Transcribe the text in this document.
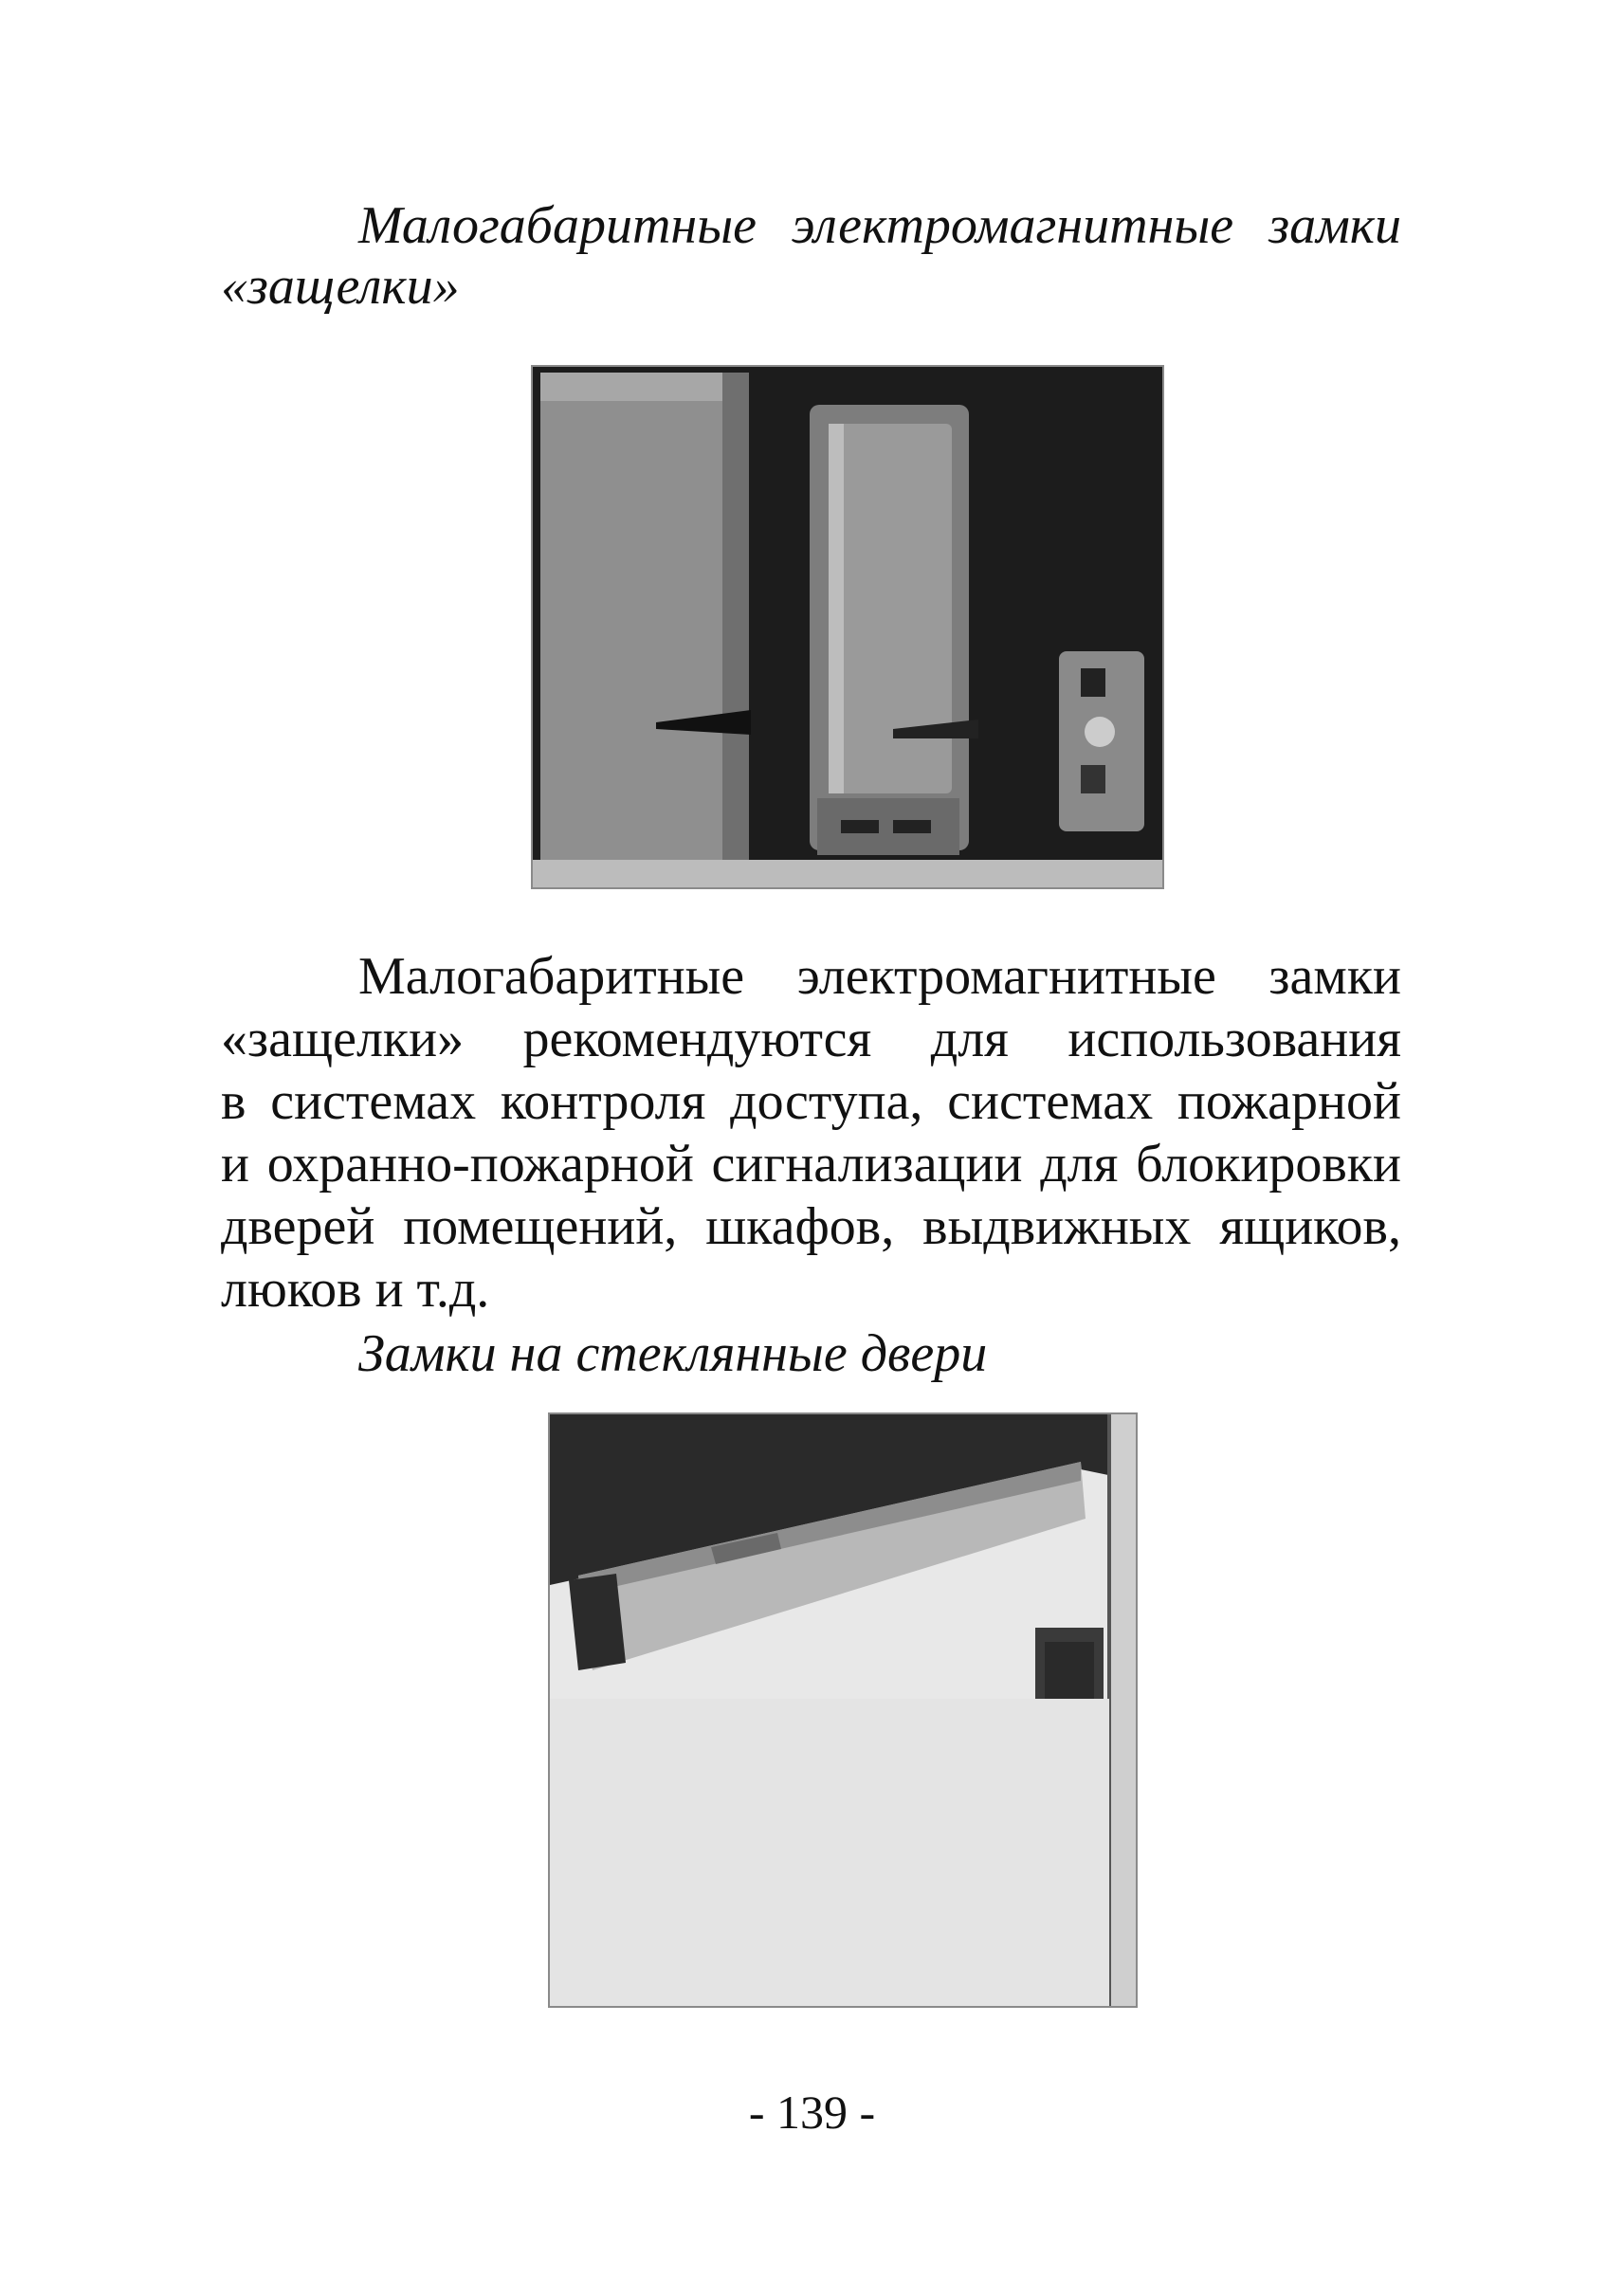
Малогабаритные электромагнитные замки
«защелки»
Малогабаритные электромагнитные замки
«защелки» рекомендуются для использования
в системах контроля доступа, системах пожарной
и охранно-пожарной сигнализации для блокировки
дверей помещений, шкафов, выдвижных ящиков,
люков и т.д.
Замки на стеклянные двери
- 139 -
